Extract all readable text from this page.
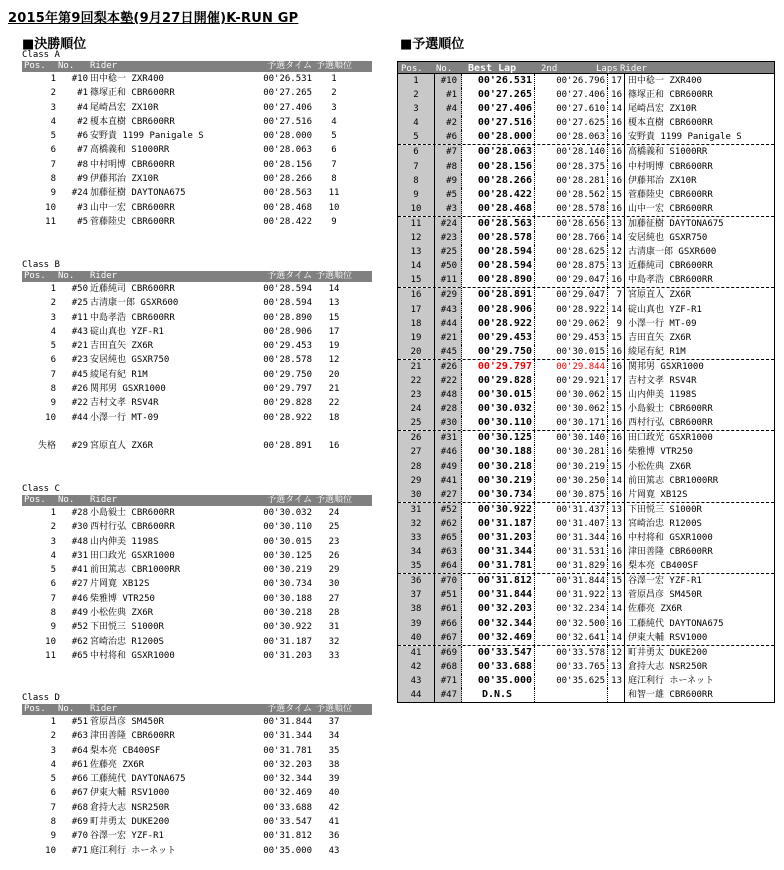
2015年第9回梨本塾(9月27日開催)K-RUN GP
■決勝順位	■予選順位
Class A
Pos.	No.	Rider	予選タイム 予選順位
1	#10 田中稔一 ZXR400	00'26.531	1
2	#1 篠塚正和 CBR600RR	00'27.265	2
3	#4 尾崎昌宏 ZX10R	00'27.406	3
4	#2 榎本直樹 CBR600RR	00'27.516	4
5	#6 安野貴 1199 Panigale S	00'28.000	5
6	#7 高橋義和 S1000RR	00'28.063	6
7	#8 中村明博 CBR600RR	00'28.156	7
8	#9 伊藤邦治 ZX10R	00'28.266	8
9	#24 加藤征樹 DAYTONA675	00'28.563	11
10	#3 山中一宏 CBR600RR	00'28.468	10
11	#5 菅藤陸史 CBR600RR	00'28.422	9
Class B
Pos.	No.	Rider	予選タイム 予選順位
1	#50 近藤純司 CBR600RR	00'28.594	14
2	#25 古清康一郎 GSXR600	00'28.594	13
3	#11 中島孝浩 CBR600RR	00'28.890	15
4	#43 碇山真也 YZF-R1	00'28.906	17
5	#21 吉田直矢 ZX6R	00'29.453	19
6	#23 安居純也 GSXR750	00'28.578	12
7	#45 綾尾有紀 R1M	00'29.750	20
8	#26 関邦男 GSXR1000	00'29.797	21
9	#22 吉村文孝 RSV4R	00'29.828	22
10	#44 小澤一行 MT-09	00'28.922	18
失格	#29 宮原直人 ZX6R	00'28.891	16
Class C
Pos.	No.	Rider	予選タイム 予選順位
1	#28 小島毅士 CBR600RR	00'30.032	24
2	#30 西村行弘 CBR600RR	00'30.110	25
3	#48 山内伸美 1198S	00'30.015	23
4	#31 田口政光 GSXR1000	00'30.125	26
5	#41 前田篤志 CBR1000RR	00'30.219	29
6	#27 片岡寛 XB12S	00'30.734	30
7	#46 柴雅博 VTR250	00'30.188	27
8	#49 小松佐典 ZX6R	00'30.218	28
9	#52 下田悦三 S1000R	00'30.922	31
10	#62 宮崎治忠 R1200S	00'31.187	32
11	#65 中村将和 GSXR1000	00'31.203	33
Class D
Pos.	No.	Rider	予選タイム 予選順位
1	#51 菅原昌彦 SM450R	00'31.844	37
2	#63 津田善隆 CBR600RR	00'31.344	34
3	#64 梨本亮 CB400SF	00'31.781	35
4	#61 佐藤亮 ZX6R	00'32.203	38
5	#66 工藤純代 DAYTONA675	00'32.344	39
6	#67 伊東大輔 RSV1000	00'32.469	40
7	#68 倉持大志 NSR250R	00'33.688	42
8	#69 町井勇太 DUKE200	00'33.547	41
9	#70 谷澤一宏 YZF-R1	00'31.812	36
10	#71 庭江利行 ホーネット	00'35.000	43
Pos.	No.	Best Lap	2nd	Laps Rider
1	#10	00'26.531	00'26.796 17 田中稔一 ZXR400
2	#1	00'27.265	00'27.406 16 篠塚正和 CBR600RR
3	#4	00'27.406	00'27.610 14 尾崎昌宏 ZX10R
4	#2	00'27.516	00'27.625 16 榎本直樹 CBR600RR
5	#6	00'28.000	00'28.063 16 安野貴 1199 Panigale S
6	#7	00'28.063	00'28.140 16 高橋義和 S1000RR
7	#8	00'28.156	00'28.375 16 中村明博 CBR600RR
8	#9	00'28.266	00'28.281 16 伊藤邦治 ZX10R
9	#5	00'28.422	00'28.562 15 菅藤陸史 CBR600RR
10	#3	00'28.468	00'28.578 16 山中一宏 CBR600RR
11	#24	00'28.563	00'28.656 13 加藤征樹 DAYTONA675
12	#23	00'28.578	00'28.766 14 安居純也 GSXR750
13	#25	00'28.594	00'28.625 12 古清康一郎 GSXR600
14	#50	00'28.594	00'28.875 13 近藤純司 CBR600RR
15	#11	00'28.890	00'29.047 16 中島孝浩 CBR600RR
16	#29	00'28.891	00'29.047	7 宮原直人 ZX6R
17	#43	00'28.906	00'28.922 14 碇山真也 YZF-R1
18	#44	00'28.922	00'29.062	9 小澤一行 MT-09
19	#21	00'29.453	00'29.453 15 吉田直矢 ZX6R
20	#45	00'29.750	00'30.015 16 綾尾有紀 R1M
21	#26	00'29.797	00'29.844 16 関邦男 GSXR1000
22	#22	00'29.828	00'29.921 17 吉村文孝 RSV4R
23	#48	00'30.015	00'30.062 15 山内伸美 1198S
24	#28	00'30.032	00'30.062 15 小島毅士 CBR600RR
25	#30	00'30.110	00'30.171 16 西村行弘 CBR600RR
26	#31	00'30.125	00'30.140 16 田口政光 GSXR1000
27	#46	00'30.188	00'30.281 16 柴雅博 VTR250
28	#49	00'30.218	00'30.219 15 小松佐典 ZX6R
29	#41	00'30.219	00'30.250 14 前田篤志 CBR1000RR
30	#27	00'30.734	00'30.875 16 片岡寛 XB12S
31	#52	00'30.922	00'31.437 13 下田悦三 S1000R
32	#62	00'31.187	00'31.407 13 宮崎治忠 R1200S
33	#65	00'31.203	00'31.344 16 中村将和 GSXR1000
34	#63	00'31.344	00'31.531 16 津田善隆 CBR600RR
35	#64	00'31.781	00'31.829 16 梨本亮 CB400SF
36	#70	00'31.812	00'31.844 15 谷澤一宏 YZF-R1
37	#51	00'31.844	00'31.922 13 菅原昌彦 SM450R
38	#61	00'32.203	00'32.234 14 佐藤亮 ZX6R
39	#66	00'32.344	00'32.500 16 工藤純代 DAYTONA675
40	#67	00'32.469	00'32.641 14 伊東大輔 RSV1000
41	#69	00'33.547	00'33.578 12 町井勇太 DUKE200
42	#68	00'33.688	00'33.765 13 倉持大志 NSR250R
43	#71	00'35.000	00'35.625 13 庭江利行 ホーネット
44	#47	D.N.S	和智一雄 CBR600RR
